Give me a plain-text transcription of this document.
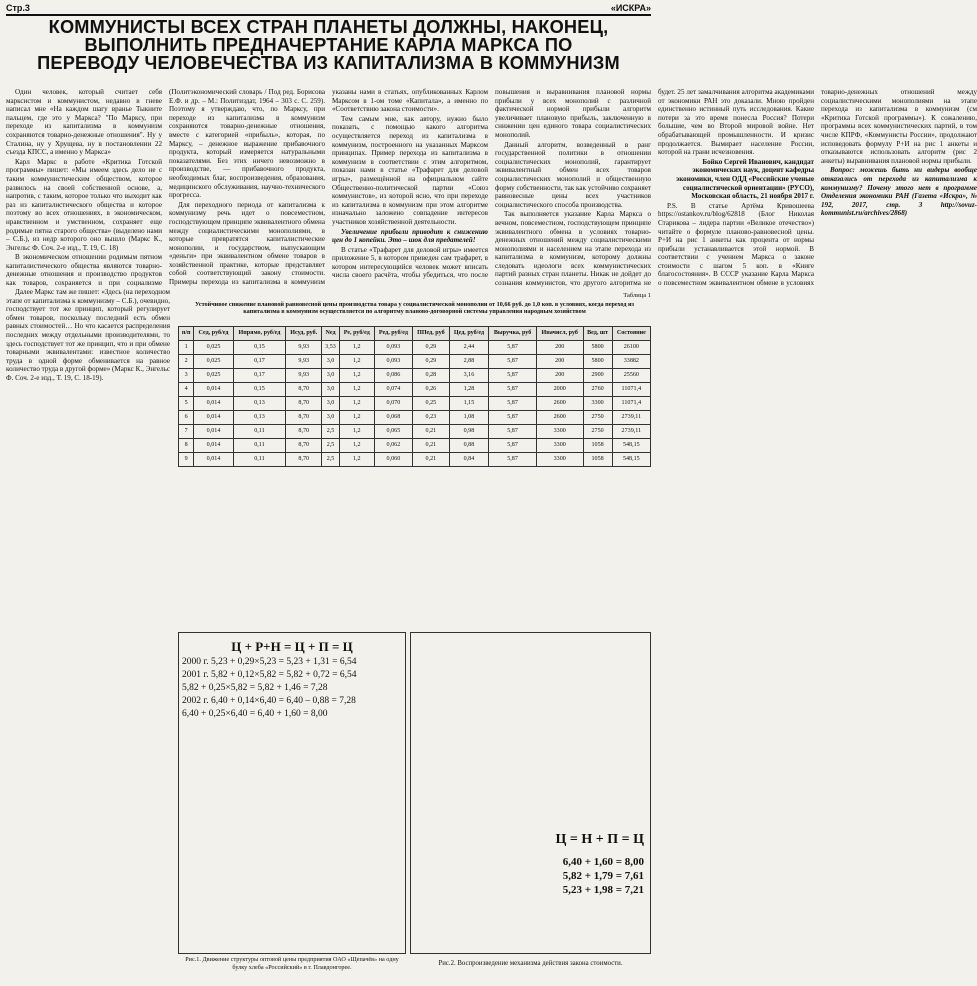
Стр.3	«ИСКРА»
КОММУНИСТЫ ВСЕХ СТРАН ПЛАНЕТЫ ДОЛЖНЫ, НАКОНЕЦ,
ВЫПОЛНИТЬ ПРЕДНАЧЕРТАНИЕ КАРЛА МАРКСА ПО
ПЕРЕВОДУ ЧЕЛОВЕЧЕСТВА ИЗ КАПИТАЛИЗМА В КОММУНИЗМ

Один человек, который считает себя марксистом и коммунистом, недавно в гневе написал мне «На каждом шагу вранье Тыкните пальцем, где это у Маркса? "По Марксу, при переходе из капитализма в коммунизм сохраняются товарно-денежные отношения". Ну у Сталина, ну у Хрущева, ну в постановлении 22 съезда КПСС, а именно у Маркса»

Карл Маркс в работе «Критика Готской программы» пишет: «Мы имеем здесь дело не с таким коммунистическим обществом, которое развилось на своей собственной основе, а, напротив, с таким, которое только что выходит как раз из капиталистического общества и которое поэтому во всех отношениях, в экономическом, нравственном и умственном, сохраняет еще родимые пятна старого общества» (выделено нами – С.Б.), из недр которого оно вышло (Маркс К., Энгельс Ф. Соч. 2-е изд., Т. 19, С. 18)

В экономическом отношении родимым пятном капиталистического общества являются товарно-денежные отношения и производство продуктов как товаров, сохраняется и при социализме (Политэкономический словарь / Под ред. Борисова Е.Ф. и др. – М.: Политиздат, 1964 – 303 с. С. 259). Поэтому я утверждаю, что, по Марксу, при переходе из капитализма в коммунизм сохраняются товарно-денежные отношения, вместе с категорией «прибыль», которая, по Марксу, – денежное выражение прибавочного продукта, который измеряется натуральными показателями. Без этих ничего невозможно в производстве, — прибавочного продукта, необходимых благ, воспроизведения, образования, медицинского обслуживания, научно-технического прогресса.

Для переходного периода от капитализма к коммунизму речь идет о повсеместном, господствующем принципе эквивалентного обмена между социалистическими монополиями, в которые превратятся капиталистические монополии, и государством, выпускающим «деньги» при эквивалентном обмене товаров в хозяйственной практике, которые представляет собой соответствующий закону стоимости. Примеры перехода из капитализма в коммунизм указаны нами в статьях, опубликованных Карлом Марксом в 1-ом томе «Капитала», а именно по «Соответствию закона стоимости».

Тем самым мне, как автору, нужно было показать, с помощью какого алгоритма осуществляется переход из капитализма в коммунизм, построенного на указанных Марксом принципах. Пример перехода из капитализма в коммунизм в соответствии с этим алгоритмом, показан нами в статье «Трафарет для деловой игры», размещённой на официальном сайте Общественно-политической партии «Союз коммунистов», из которой ясно, что при переходе из капитализма в коммунизм при этом алгоритме изначально заложено совпадение интересов участников хозяйственной деятельности.

Увеличение прибыли приводит к снижению цен до 1 копейки. Это – шок для предателей!

В статье «Трафарет для деловой игры» имеется приложение 5, в котором приведен сам трафарет, в котором интересующийся человек может вписать числа своего расчёта, чтобы убедиться, что после повышения и выравнивания плановой нормы прибыли у всех монополий с различной фактической нормой прибыли алгоритм увеличивает плановую прибыль, заключенную в снижении цен единого товара социалистических монополий.

Данный алгоритм, возведенный в ранг государственной политики в отношении социалистических монополий, гарантирует эквивалентный обмен всех товаров социалистических монополий и общественную форму собственности, так как устойчиво сохраняет равновесные цены всех участников социалистического способа производства.

Так выполняется указание Карла Маркса о вечном, повсеместном, господствующем принципе эквивалентного обмена в условиях товарно-денежных отношений между социалистическими монополиями и населением на этапе перехода из капитализма в коммунизм, которому должны следовать идеологи всех коммунистических партий разных стран планеты. Никак не дойдет до сознания коммунистов, что другого алгоритма не будет. 25 лет замалчивания алгоритма академиками от экономики РАН это доказали. Мною пройден единственно истинный путь исследования. Какие потери за это время понесла Россия? Потери большие, чем во Второй мировой войне. Нет обрабатывающей промышленности. И кризис продолжается. Вымирает население России, которой на грани исчезновения.

Бойко Сергей Иванович, кандидат экономических наук, доцент кафедры экономики, член ОДД «Российские ученые социалистической ориентации» (РУСО), Московская область, 21 ноября 2017 г.

Р.S. В статье Артёма Кривошеева https://ostankov.ru/blog/62818 (Блог Николая Старикова – лидера партии «Великое отечество») читайте о формуле планово-равновесной цены. Р+И на рис 1 анкеты как процента от нормы прибыли устанавливается этой нормой. В соответствии с учением Маркса о законе стоимости с шагом 5 коп. в «Книге благосостояния». В СССР указание Карла Маркса о повсеместном эквивалентном обмене в условиях товарно-денежных отношений между социалистическими монополиями на этапе перехода из капитализма в коммунизм (см «Критика Готской программы»). К сожалению, программы всех коммунистических партий, в том числе КПРФ, «Коммунисты России», продолжают исповедовать формулу Р+И на рис 1 анкеты и отказываются использовать алгоритм (рис 2 анкеты) выравнивания плановой нормы прибыли.

Вопрос: можешь быть ни видеры вообще отказались от перехода из капитализма к коммунизму? Почему этого нет в программе Отделения экономики РАН (Газета «Искра», № 192, 2017, стр. 3 http://sovuz-kommunist.ru/archives/2868)

Далее Маркс там же пишет: «Здесь (на переходном этапе от капитализма к коммунизму – С.Б.), очевидно, господствует тот же принцип, который регулирует обмен товаров, поскольку последний есть обмен равных стоимостей… Но что касается распределения последних между отдельными производителями, то здесь господствует тот же принцип, что и при обмене товарными эквивалентами: известное количество труда в одной форме обменивается на равное количество труда в другой форме» (Маркс К., Энгельс Ф. Соч. 2-е изд., Т. 19, С. 18-19).

Таблица 1
Устойчивое снижение плановой равновесной цены производства товара у социалистической монополии от 10,66 руб. до 1,0 коп. в условиях, когда переход из капитализма в коммунизм осуществляется по алгоритму планово-договорной системы управления народным хозяйством
п/п	Сед, руб/ед	Ипрямо, руб/ед	Исуд, руб.	Nед	Ре, руб/ед	Ред, руб/ед	ППед, руб	Цед, руб/ед	Выручка, руб	Иначисл, руб	Вед, шт	Состояние
1	0,025	0,15	9,93	3,53	1,2	0,093	0,29	2,44	5,87	200	5800	26100
2	0,025	0,17	9,93	3,0	1,2	0,093	0,29	2,88	5,87	200	5800	33882
3	0,025	0,17	9,93	3,0	1,2	0,086	0,28	3,16	5,87	200	2900	25560
4	0,014	0,15	8,70	3,0	1,2	0,074	0,26	1,28	5,87	2000	2760	11071,4
5	0,014	0,13	8,70	3,0	1,2	0,070	0,25	1,15	5,87	2600	3300	11071,4
6	0,014	0,13	8,70	3,0	1,2	0,068	0,23	1,08	5,87	2600	2750	2739,11
7	0,014	0,11	8,70	2,5	1,2	0,065	0,21	0,98	5,87	3300	2750	2739,11
8	0,014	0,11	8,70	2,5	1,2	0,062	0,21	0,88	5,87	3300	1058	548,15
9	0,014	0,11	8,70	2,5	1,2	0,060	0,21	0,84	5,87	3300	1058	548,15
Ц + Р+Н = Ц + П = Ц
2000 г. 5,23 + 0,29×5,23 = 5,23 + 1,31 = 6,54
2001 г. 5,82 + 0,12×5,82 = 5,82 + 0,72 = 6,54
5,82 + 0,25×5,82 = 5,82 + 1,46 = 7,28
2002 г. 6,40 + 0,14×6,40 = 6,40 – 0,88 = 7,28
6,40 + 0,25×6,40 = 6,40 + 1,60 = 8,00
Рис.1. Движение структуры оптовой цены предприятия ОАО «Щепачёв» на одну булку хлеба «Российский» в г. Плавдонгорее.
Ц = Н + П = Ц
6,40 + 1,60 = 8,00
5,82 + 1,79 = 7,61
5,23 + 1,98 = 7,21
Рис.2. Воспроизведение механизма действия закона стоимости.
